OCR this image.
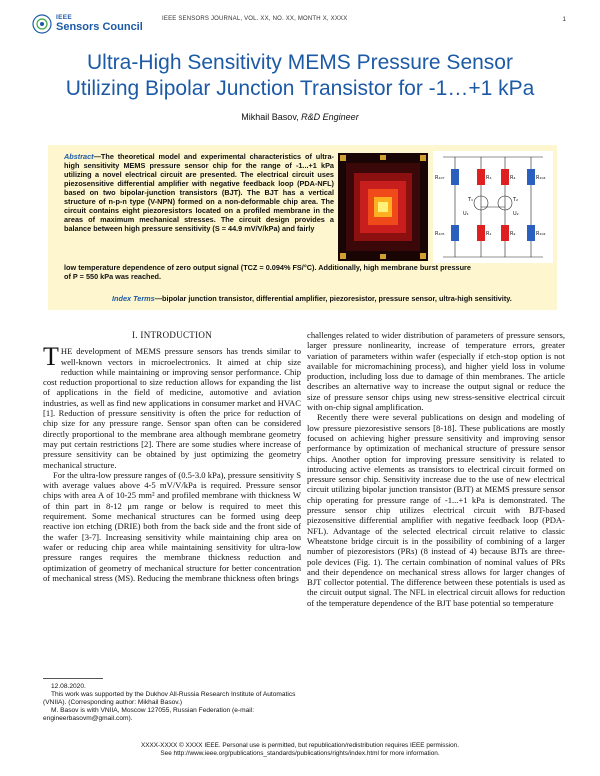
IEEE
Sensors Council
IEEE SENSORS JOURNAL, VOL. XX, NO. XX, MONTH X, XXXX	1
Ultra-High Sensitivity MEMS Pressure Sensor
Utilizing Bipolar Junction Transistor for -1…+1 kPa
Mikhail Basov, R&D Engineer
Abstract—The theoretical model and experimental characteristics of ultra-high sensitivity MEMS pressure sensor chip for the range of -1...+1 kPa utilizing a novel electrical circuit are presented. The electrical circuit uses piezosensitive differential amplifier with negative feedback loop (PDA-NFL) based on two bipolar-junction transistors (BJT). The BJT has a vertical structure of n-p-n type (V-NPN) formed on a non-deformable chip area. The circuit contains eight piezoresistors located on a profiled membrane in the areas of maximum mechanical stresses. The circuit design provides a balance between high pressure sensitivity (S = 44.9 mV/V/kPa) and fairly
R₁₀₇	R₃	R₄	R₁₀₄
T₁	T₂
U₁	U₂
R₁₀₅	R₁	R₂	R₁₀₂
low temperature dependence of zero output signal (TCZ = 0.094% FS/°C). Additionally, high membrane burst pressure
of P = 550 kPa was reached.
Index Terms—bipolar junction transistor, differential amplifier, piezoresistor, pressure sensor, ultra-high sensitivity.
I. INTRODUCTION

THE development of MEMS pressure sensors has trends similar to well-known vectors in microelectronics. It aimed at chip size reduction while maintaining or improving sensor performance. Chip cost reduction proportional to size reduction allows for expanding the list of applications in the field of medicine, automotive and aviation industries, as well as find new applications in consumer market and HVAC [1]. Reduction of pressure sensitivity is often the price for reduction of chip size for any pressure range. Sensor span often can be considered directly proportional to the membrane area although membrane geometry may put certain restrictions [2]. There are some studies where increase of pressure sensitivity can be obtained by just optimizing the geometry mechanical structure.

For the ultra-low pressure ranges of (0.5-3.0 kPa), pressure sensitivity S with average values above 4-5 mV/V/kPa is required. Pressure sensor chips with area A of 10-25 mm² and profiled membrane with thickness W of thin part in 8-12 μm range or below is required to meet this requirement. Some mechanical structures can be formed using deep reactive ion etching (DRIE) both from the back side and the front side of the wafer [3-7]. Increasing sensitivity while maintaining chip area on wafer or reducing chip area while maintaining sensitivity for ultra-low pressure ranges requires the membrane thickness reduction and optimization of geometry of mechanical structure for better concentration of mechanical stress (MS). Reducing the membrane thickness often brings

12.08.2020.

This work was supported by the Dukhov All-Russia Research Institute of Automatics (VNIIA). (Corresponding author: Mikhail Basov.)

M. Basov is with VNIIA, Moscow 127055, Russian Federation (e-mail: engineerbasovm@gmail.com).

challenges related to wider distribution of parameters of pressure sensors, larger pressure nonlinearity, increase of temperature errors, greater variation of parameters within wafer (especially if etch-stop option is not available for micromachining process), and higher yield loss in volume production, including loss due to damage of thin membranes. The article describes an alternative way to increase the output signal or reduce the size of pressure sensor chips using new stress-sensitive electrical circuit with on-chip signal amplification.

Recently there were several publications on design and modeling of low pressure piezoresistive sensors [8-18]. These publications are mostly focused on achieving higher pressure sensitivity and improving sensor performance by optimization of mechanical structure of pressure sensor chips. Another option for improving pressure sensitivity is related to introducing active elements as transistors to electrical circuit formed on pressure sensor chip. Sensitivity increase due to the use of new electrical circuit utilizing bipolar junction transistor (BJT) at MEMS pressure sensor chip operating for pressure range of -1...+1 kPa is demonstrated. The pressure sensor chip utilizes electrical circuit with BJT-based piezosensitive differential amplifier with negative feedback loop (PDA-NFL). Advantage of the selected electrical circuit relative to classic Wheatstone bridge circuit is in the possibility of combining of a larger number of piezoresistors (PRs) (8 instead of 4) because BJTs are three-pole devices (Fig. 1). The certain combination of nominal values of PRs and their dependence on mechanical stress allows for larger changes of BJT collector potential. The difference between these potentials is used as the circuit output signal. The NFL in electrical circuit allows for reduction of the temperature dependence of the BJT base potential so temperature

XXXX-XXXX © XXXX IEEE. Personal use is permitted, but republication/redistribution requires IEEE permission.
See http://www.ieee.org/publications_standards/publications/rights/index.html for more information.
